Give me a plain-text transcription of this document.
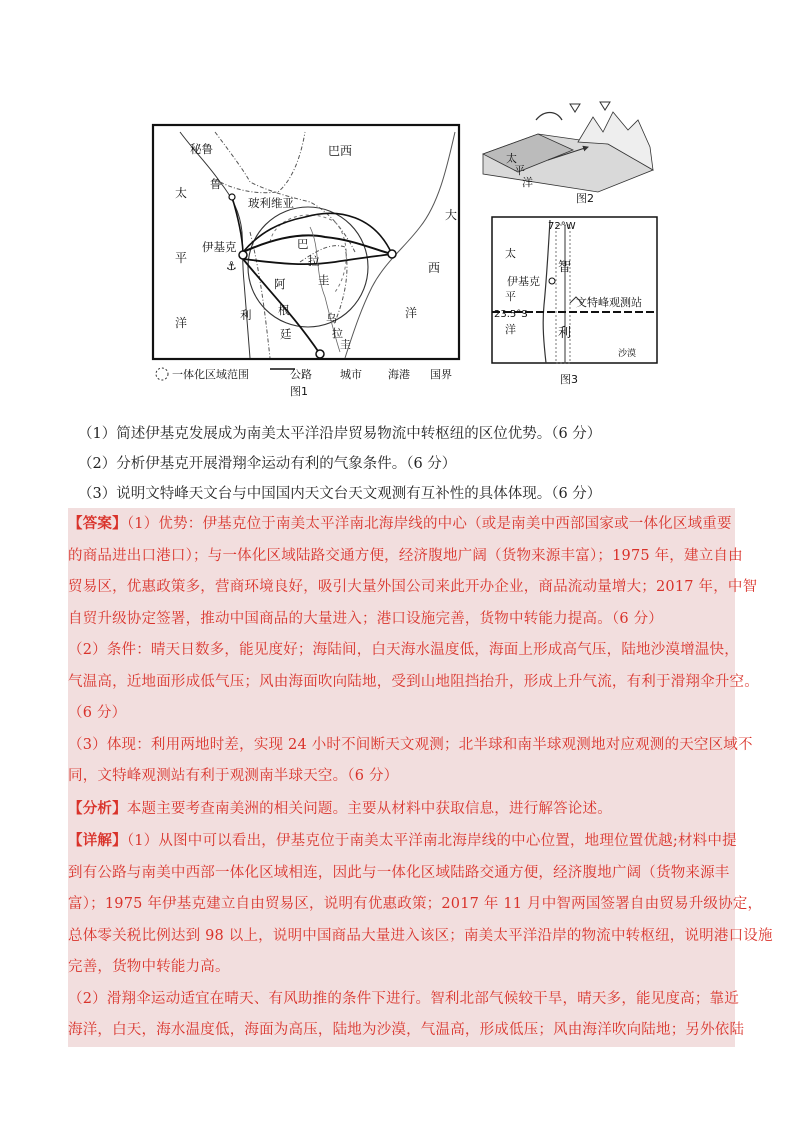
⚓
秘鲁
鲁
巴西
玻利维亚
太
平
洋
大
西
洋
伊基克	巴
拉
圭
阿
根
廷
利	乌
拉
圭
一体化区域范围	公路	城市 海港 国界
图1
太
平
洋
图2
72°W
23.5°S
太
平
洋
伊基克
智
利
文特峰观测站
沙漠
图3
（1）简述伊基克发展成为南美太平洋沿岸贸易物流中转枢纽的区位优势。（6 分）
（2）分析伊基克开展滑翔伞运动有利的气象条件。（6 分）
（3）说明文特峰天文台与中国国内天文台天文观测有互补性的具体体现。（6 分）

【答案】（1）优势：伊基克位于南美太平洋南北海岸线的中心（或是南美中西部国家或一体化区域重要

的商品进出口港口）；与一体化区域陆路交通方便，经济腹地广阔（货物来源丰富）；1975 年，建立自由

贸易区，优惠政策多，营商环境良好，吸引大量外国公司来此开办企业，商品流动量增大；2017 年，中智

自贸升级协定签署，推动中国商品的大量进入；港口设施完善，货物中转能力提高。（6 分）

（2）条件：晴天日数多，能见度好；海陆间，白天海水温度低，海面上形成高气压，陆地沙漠增温快，

气温高，近地面形成低气压；风由海面吹向陆地，受到山地阻挡抬升，形成上升气流，有利于滑翔伞升空。

（6 分）

（3）体现：利用两地时差，实现 24 小时不间断天文观测；北半球和南半球观测地对应观测的天空区域不

同，文特峰观测站有利于观测南半球天空。（6 分）

【分析】本题主要考查南美洲的相关问题。主要从材料中获取信息，进行解答论述。

【详解】（1）从图中可以看出，伊基克位于南美太平洋南北海岸线的中心位置，地理位置优越;材料中提

到有公路与南美中西部一体化区域相连，因此与一体化区域陆路交通方便，经济腹地广阔（货物来源丰

富）；1975 年伊基克建立自由贸易区，说明有优惠政策；2017 年 11 月中智两国签署自由贸易升级协定，

总体零关税比例达到 98 以上，说明中国商品大量进入该区；南美太平洋沿岸的物流中转枢纽，说明港口设施

完善，货物中转能力高。

（2）滑翔伞运动适宜在晴天、有风助推的条件下进行。智利北部气候较干旱，晴天多，能见度高；靠近

海洋，白天，海水温度低，海面为高压，陆地为沙漠，气温高，形成低压；风由海洋吹向陆地；另外依陆
